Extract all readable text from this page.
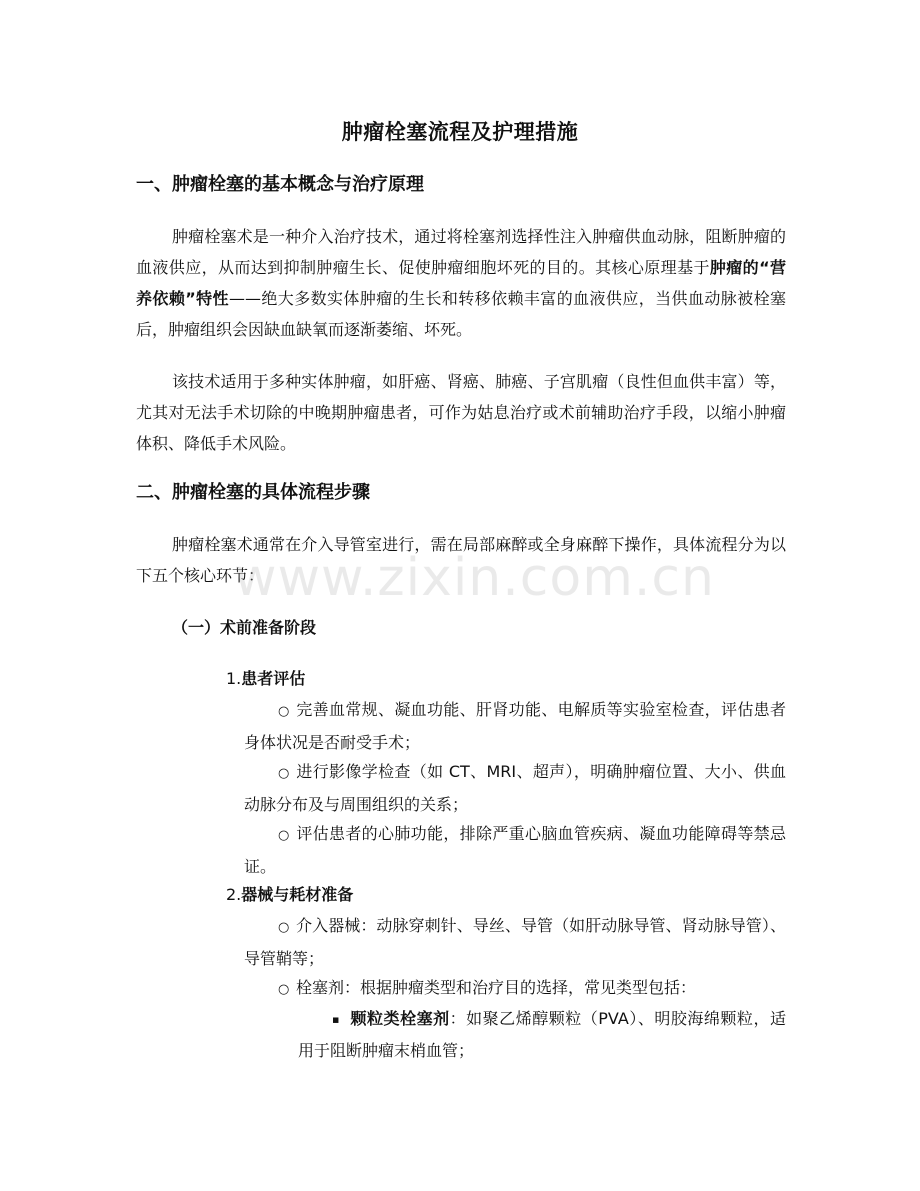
肿瘤栓塞流程及护理措施
一、肿瘤栓塞的基本概念与治疗原理
肿瘤栓塞术是一种介入治疗技术，通过将栓塞剂选择性注入肿瘤供血动脉，阻断肿瘤的血液供应，从而达到抑制肿瘤生长、促使肿瘤细胞坏死的目的。其核心原理基于肿瘤的“营养依赖”特性——绝大多数实体肿瘤的生长和转移依赖丰富的血液供应，当供血动脉被栓塞后，肿瘤组织会因缺血缺氧而逐渐萎缩、坏死。
该技术适用于多种实体肿瘤，如肝癌、肾癌、肺癌、子宫肌瘤（良性但血供丰富）等，尤其对无法手术切除的中晚期肿瘤患者，可作为姑息治疗或术前辅助治疗手段，以缩小肿瘤体积、降低手术风险。
二、肿瘤栓塞的具体流程步骤
肿瘤栓塞术通常在介入导管室进行，需在局部麻醉或全身麻醉下操作，具体流程分为以下五个核心环节：
（一）术前准备阶段
1.患者评估
○ 完善血常规、凝血功能、肝肾功能、电解质等实验室检查，评估患者身体状况是否耐受手术；
○ 进行影像学检查（如 CT、MRI、超声），明确肿瘤位置、大小、供血动脉分布及与周围组织的关系；
○ 评估患者的心肺功能，排除严重心脑血管疾病、凝血功能障碍等禁忌证。
2.器械与耗材准备
○ 介入器械：动脉穿刺针、导丝、导管（如肝动脉导管、肾动脉导管）、导管鞘等；
○ 栓塞剂：根据肿瘤类型和治疗目的选择，常见类型包括：
▪ 颗粒类栓塞剂：如聚乙烯醇颗粒（PVA）、明胶海绵颗粒，适用于阻断肿瘤末梢血管；
www.zixin.com.cn
